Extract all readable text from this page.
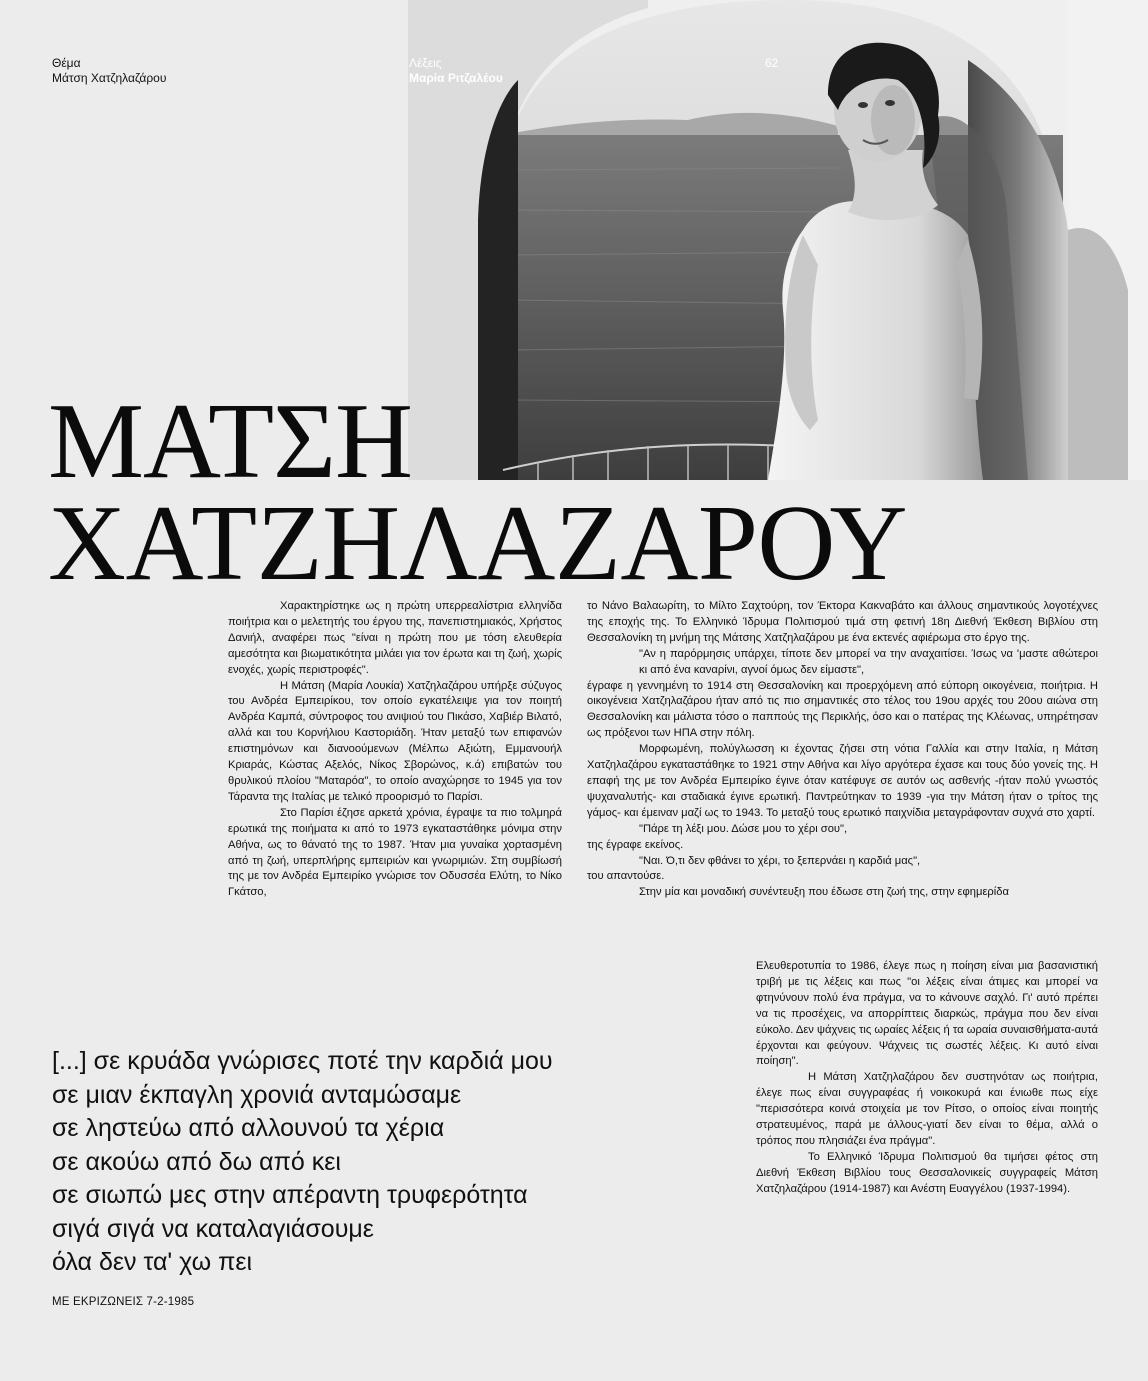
Θέμα
Μάτση Χατζηλαζάρου
Λέξεις
Μαρία Ριτζαλέου
62
ΜΑΤΣΗ
ΧΑΤΖΗΛΑΖΑΡΟΥ

Χαρακτηρίστηκε ως η πρώτη υπερρεαλίστρια ελληνίδα ποιήτρια και ο μελετητής του έργου της, πανεπιστημιακός, Χρήστος Δανιήλ, αναφέρει πως "είναι η πρώτη που με τόση ελευθερία αμεσότητα και βιωματικότητα μιλάει για τον έρωτα και τη ζωή, χωρίς ενοχές, χωρίς περιστροφές".

Η Μάτση (Μαρία Λουκία) Χατζηλαζάρου υπήρξε σύζυγος του Ανδρέα Εμπειρίκου, τον οποίο εγκατέλειψε για τον ποιητή Ανδρέα Καμπά, σύντροφος του ανιψιού του Πικάσο, Χαβιέρ Βιλατό, αλλά και του Κορνήλιου Καστοριάδη. Ήταν μεταξύ των επιφανών επιστημόνων και διανοούμενων (Μέλπω Αξιώτη, Εμμανουήλ Κριαράς, Κώστας Αξελός, Νίκος Σβορώνος, κ.ά) επιβατών του θρυλικού πλοίου "Ματαρόα", το οποίο αναχώρησε το 1945 για τον Τάραντα της Ιταλίας με τελικό προορισμό το Παρίσι.

Στο Παρίσι έζησε αρκετά χρόνια, έγραψε τα πιο τολμηρά ερωτικά της ποιήματα κι από το 1973 εγκαταστάθηκε μόνιμα στην Αθήνα, ως το θάνατό της το 1987. Ήταν μια γυναίκα χορτασμένη από τη ζωή, υπερπλήρης εμπειριών και γνωριμιών. Στη συμβίωσή της με τον Ανδρέα Εμπειρίκο γνώρισε τον Οδυσσέα Ελύτη, το Νίκο Γκάτσο,

το Νάνο Βαλαωρίτη, το Μίλτο Σαχτούρη, τον Έκτορα Κακναβάτο και άλλους σημαντικούς λογοτέχνες της εποχής της. Το Ελληνικό Ίδρυμα Πολιτισμού τιμά στη φετινή 18η Διεθνή Έκθεση Βιβλίου στη Θεσσαλονίκη τη μνήμη της Μάτσης Χατζηλαζάρου με ένα εκτενές αφιέρωμα στο έργο της.

"Αν η παρόρμησις υπάρχει, τίποτε δεν μπορεί να την αναχαιτίσει. Ίσως να 'μαστε αθώτεροι κι από ένα καναρίνι, αγνοί όμως δεν είμαστε",

έγραφε η γεννημένη το 1914 στη Θεσσαλονίκη και προερχόμενη από εύπορη οικογένεια, ποιήτρια. Η οικογένεια Χατζηλαζάρου ήταν από τις πιο σημαντικές στο τέλος του 19ου αρχές του 20ου αιώνα στη Θεσσαλονίκη και μάλιστα τόσο ο παππούς της Περικλής, όσο και ο πατέρας της Κλέωνας, υπηρέτησαν ως πρόξενοι των ΗΠΑ στην πόλη.

Μορφωμένη, πολύγλωσση κι έχοντας ζήσει στη νότια Γαλλία και στην Ιταλία, η Μάτση Χατζηλαζάρου εγκαταστάθηκε το 1921 στην Αθήνα και λίγο αργότερα έχασε και τους δύο γονείς της. Η επαφή της με τον Ανδρέα Εμπειρίκο έγινε όταν κατέφυγε σε αυτόν ως ασθενής -ήταν πολύ γνωστός ψυχαναλυτής- και σταδιακά έγινε ερωτική. Παντρεύτηκαν το 1939 -για την Μάτση ήταν ο τρίτος της γάμος- και έμειναν μαζί ως το 1943. Το μεταξύ τους ερωτικό παιχνίδια μεταγράφονταν συχνά στο χαρτί.

"Πάρε τη λέξι μου. Δώσε μου το χέρι σου",

της έγραφε εκείνος.

"Ναι. Ό,τι δεν φθάνει το χέρι, το ξεπερνάει η καρδιά μας",

του απαντούσε.

Στην μία και μοναδική συνέντευξη που έδωσε στη ζωή της, στην εφημερίδα

Ελευθεροτυπία το 1986, έλεγε πως η ποίηση είναι μια βασανιστική τριβή με τις λέξεις και πως "οι λέξεις είναι άτιμες και μπορεί να φτηνύνουν πολύ ένα πράγμα, να το κάνουνε σαχλό. Γι' αυτό πρέπει να τις προσέχεις, να απορρίπτεις διαρκώς, πράγμα που δεν είναι εύκολο. Δεν ψάχνεις τις ωραίες λέξεις ή τα ωραία συναισθήματα-αυτά έρχονται και φεύγουν. Ψάχνεις τις σωστές λέξεις. Κι αυτό είναι ποίηση".

Η Μάτση Χατζηλαζάρου δεν συστηνόταν ως ποιήτρια, έλεγε πως είναι συγγραφέας ή νοικοκυρά και ένιωθε πως είχε "περισσότερα κοινά στοιχεία με τον Ρίτσο, ο οποίος είναι ποιητής στρατευμένος, παρά με άλλους-γιατί δεν είναι το θέμα, αλλά ο τρόπος που πλησιάζει ένα πράγμα".

Το Ελληνικό Ίδρυμα Πολιτισμού θα τιμήσει φέτος στη Διεθνή Έκθεση Βιβλίου τους Θεσσαλονικείς συγγραφείς Μάτση Χατζηλαζάρου (1914-1987) και Ανέστη Ευαγγέλου (1937-1994).

[...] σε κρυάδα γνώρισες ποτέ την καρδιά μου
σε μιαν έκπαγλη χρονιά ανταμώσαμε
σε ληστεύω από αλλουνού τα χέρια
σε ακούω από δω από κει
σε σιωπώ μες στην απέραντη τρυφερότητα
σιγά σιγά να καταλαγιάσουμε
όλα δεν τα' χω πει
ΜΕ ΕΚΡΙΖΩΝΕΙΣ 7-2-1985
